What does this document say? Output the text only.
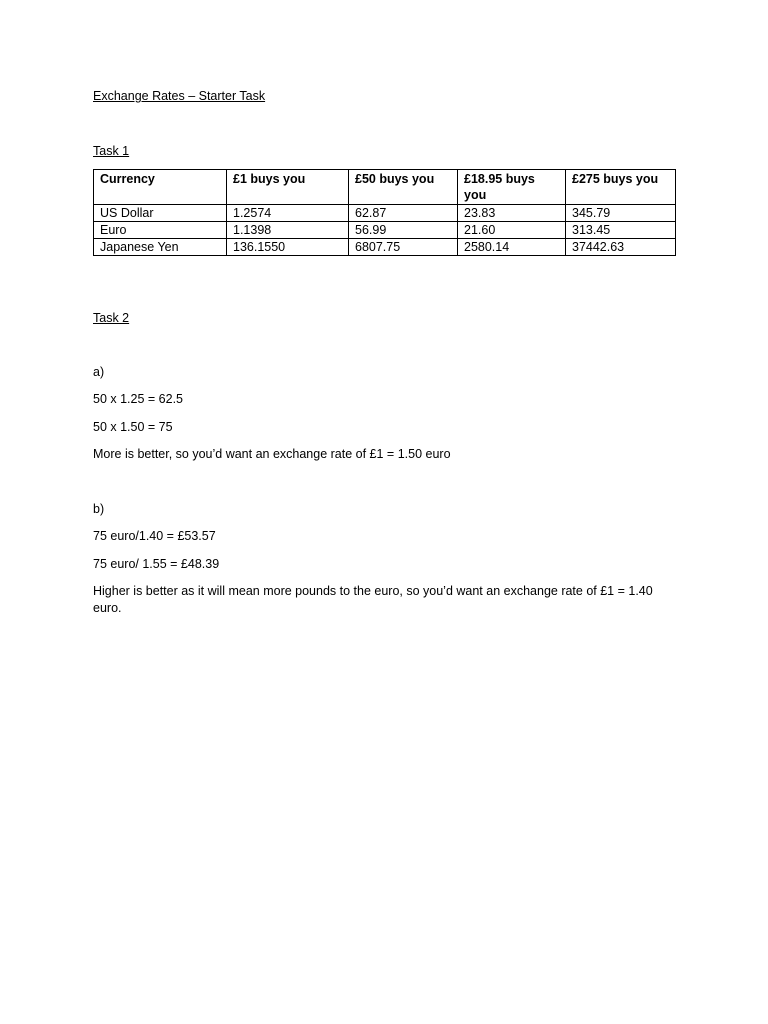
Exchange Rates – Starter Task
Task 1
Currency	£1 buys you	£50 buys you	£18.95 buys you	£275 buys you
US Dollar	1.2574	62.87	23.83	345.79
Euro	1.1398	56.99	21.60	313.45
Japanese Yen	136.1550	6807.75	2580.14	37442.63
Task 2
a)
50 x 1.25 = 62.5
50 x 1.50 = 75
More is better, so you’d want an exchange rate of £1 = 1.50 euro
b)
75 euro/1.40 = £53.57
75 euro/ 1.55 = £48.39
Higher is better as it will mean more pounds to the euro, so you’d want an exchange rate of £1 = 1.40 euro.
